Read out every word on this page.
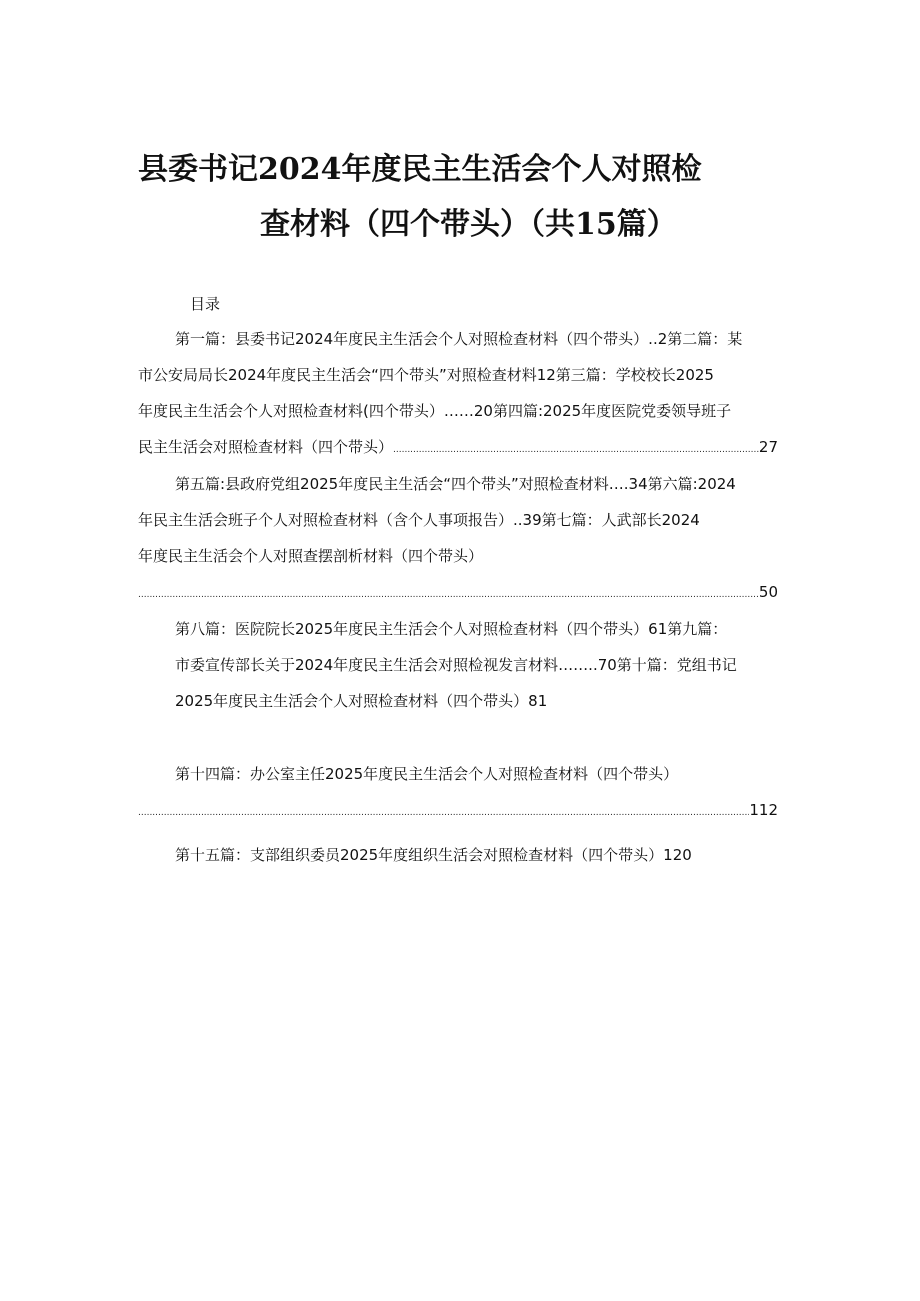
县委书记2024年度民主生活会个人对照检
查材料（四个带头）（共15篇）

目录

第一篇：县委书记2024年度民主生活会个人对照检查材料（四个带头）..2第二篇：某

市公安局局长2024年度民主生活会“四个带头”对照检查材料12第三篇：学校校长2025

年度民主生活会个人对照检查材料(四个带头）……20第四篇:2025年度医院党委领导班子

民主生活会对照检查材料（四个带头）
.....	27

第五篇:县政府党组2025年度民主生活会“四个带头”对照检查材料….34第六篇:2024

年民主生活会班子个人对照检查材料（含个人事项报告）..39第七篇：人武部长2024

年度民主生活会个人对照查摆剖析材料（四个带头）

.....
50

第八篇：医院院长2025年度民主生活会个人对照检查材料（四个带头）61第九篇：

市委宣传部长关于2024年度民主生活会对照检视发言材料……..70第十篇：党组书记

2025年度民主生活会个人对照检查材料（四个带头）81

第十四篇：办公室主任2025年度民主生活会个人对照检查材料（四个带头）

.....
112

第十五篇：支部组织委员2025年度组织生活会对照检查材料（四个带头）120
